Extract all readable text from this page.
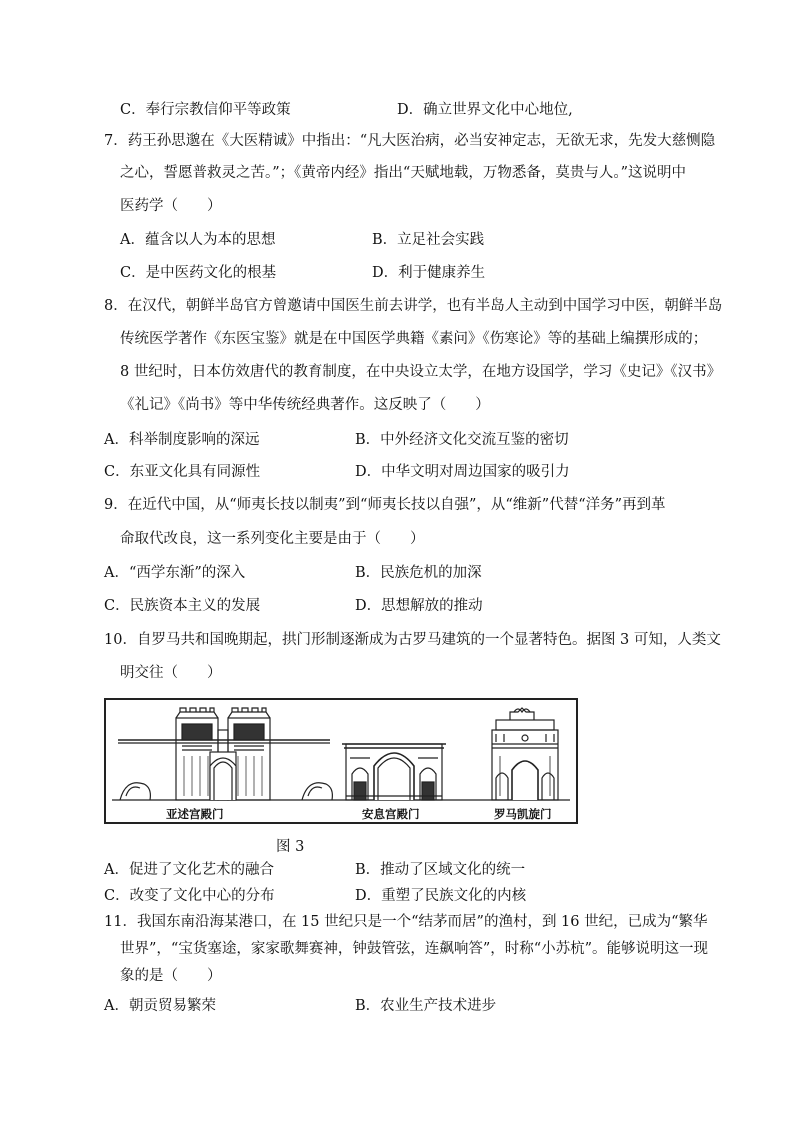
C．奉行宗教信仰平等政策	D．确立世界文化中心地位,
7．药王孙思邈在《大医精诚》中指出：“凡大医治病，必当安神定志，无欲无求，先发大慈恻隐
之心，誓愿普救灵之苦。”；《黄帝内经》指出“天赋地载，万物悉备，莫贵与人。”这说明中
医药学（　　）
A．蕴含以人为本的思想	B．立足社会实践
C．是中医药文化的根基	D．利于健康养生
8．在汉代，朝鲜半岛官方曾邀请中国医生前去讲学，也有半岛人主动到中国学习中医，朝鲜半岛
传统医学著作《东医宝鉴》就是在中国医学典籍《素问》《伤寒论》等的基础上编撰形成的；
8 世纪时，日本仿效唐代的教育制度，在中央设立太学，在地方设国学，学习《史记》《汉书》
《礼记》《尚书》等中华传统经典著作。这反映了（　　）
A．科举制度影响的深远	B．中外经济文化交流互鉴的密切
C．东亚文化具有同源性	D．中华文明对周边国家的吸引力
9．在近代中国，从“师夷长技以制夷”到“师夷长技以自强”，从“维新”代替“洋务”再到革
命取代改良，这一系列变化主要是由于（　　）
A．“西学东渐”的深入	B．民族危机的加深
C．民族资本主义的发展	D．思想解放的推动
10．自罗马共和国晚期起，拱门形制逐渐成为古罗马建筑的一个显著特色。据图 3 可知，人类文
明交往（　　）
亚述宫殿门	安息宫殿门	罗马凯旋门
图 3
A．促进了文化艺术的融合	B．推动了区域文化的统一
C．改变了文化中心的分布	D．重塑了民族文化的内核
11．我国东南沿海某港口，在 15 世纪只是一个“结茅而居”的渔村，到 16 世纪，已成为“繁华
世界”，“宝货塞途，家家歌舞赛神，钟鼓管弦，连飙响答”，时称“小苏杭”。能够说明这一现
象的是（　　）
A．朝贡贸易繁荣	B．农业生产技术进步
